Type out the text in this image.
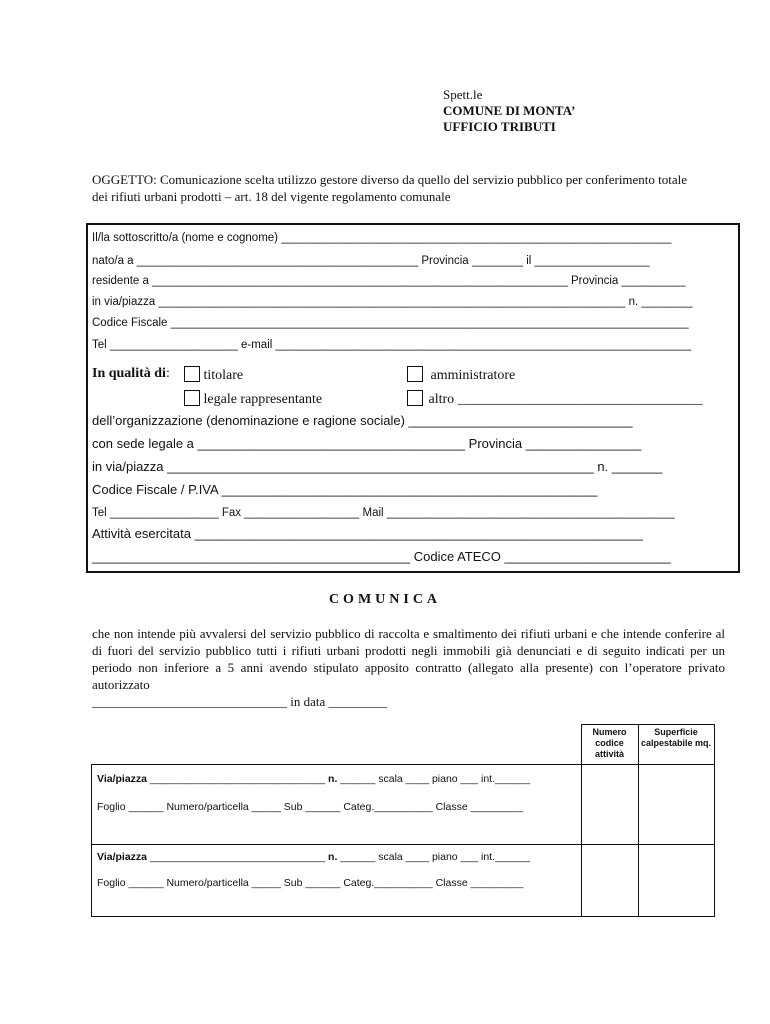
Spett.le
COMUNE DI MONTA’
UFFICIO TRIBUTI
OGGETTO: Comunicazione scelta utilizzo gestore diverso da quello del servizio pubblico per conferimento totale dei rifiuti urbani prodotti – art. 18 del vigente regolamento comunale
Il/la sottoscritto/a (nome e cognome) _____________________________________________________________
nato/a a ____________________________________________ Provincia ________ il __________________
residente a _________________________________________________________________ Provincia __________
in via/piazza _________________________________________________________________________ n. ________
Codice Fiscale _________________________________________________________________________________
Tel ____________________ e-mail _________________________________________________________________
In qualità di:	titolare	amministratore
legale rappresentante	altro ___________________________________
dell’organizzazione (denominazione e ragione sociale) _______________________________
con sede legale a _____________________________________ Provincia ________________
in via/piazza ___________________________________________________________ n. _______
Codice Fiscale / P.IVA ____________________________________________________
Tel _________________ Fax __________________ Mail _____________________________________________
Attività esercitata ______________________________________________________________
____________________________________________ Codice ATECO _______________________
COMUNICA
che non intende più avvalersi del servizio pubblico di raccolta e smaltimento dei rifiuti urbani e che intende conferire al di fuori del servizio pubblico tutti i rifiuti urbani prodotti negli immobili già denunciati e di seguito indicati per un periodo non inferiore a 5 anni avendo stipulato apposito contratto (allegato alla presente) con l’operatore privato autorizzato
______________________________ in data _________
	Numero codice attività	Superficie calpestabile mq.

Via/piazza ______________________________ n. ______ scala ____ piano ___ int.______
Foglio ______ Numero/particella _____ Sub ______ Categ.__________ Classe _________		

Via/piazza ______________________________ n. ______ scala ____ piano ___ int.______
Foglio ______ Numero/particella _____ Sub ______ Categ.__________ Classe _________		
